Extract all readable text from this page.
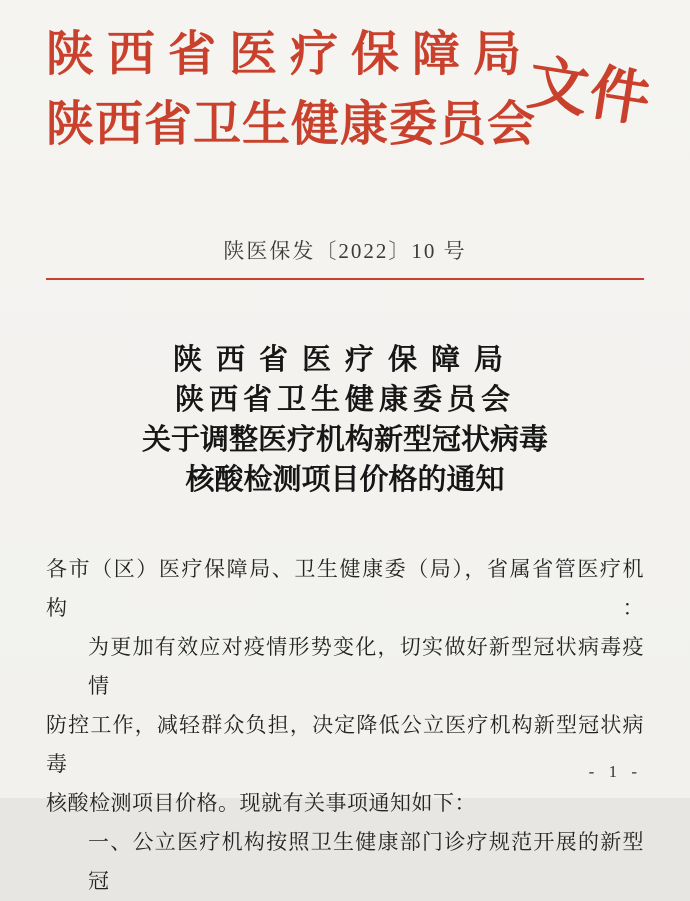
陕西省医疗保障局
陕西省卫生健康委员会
文件
陕医保发〔2022〕10 号
陕西省医疗保障局
陕西省卫生健康委员会
关于调整医疗机构新型冠状病毒
核酸检测项目价格的通知
各市（区）医疗保障局、卫生健康委（局），省属省管医疗机构：
为更加有效应对疫情形势变化，切实做好新型冠状病毒疫情
防控工作，减轻群众负担，决定降低公立医疗机构新型冠状病毒
核酸检测项目价格。现就有关事项通知如下：
一、公立医疗机构按照卫生健康部门诊疗规范开展的新型冠
- 1 -
